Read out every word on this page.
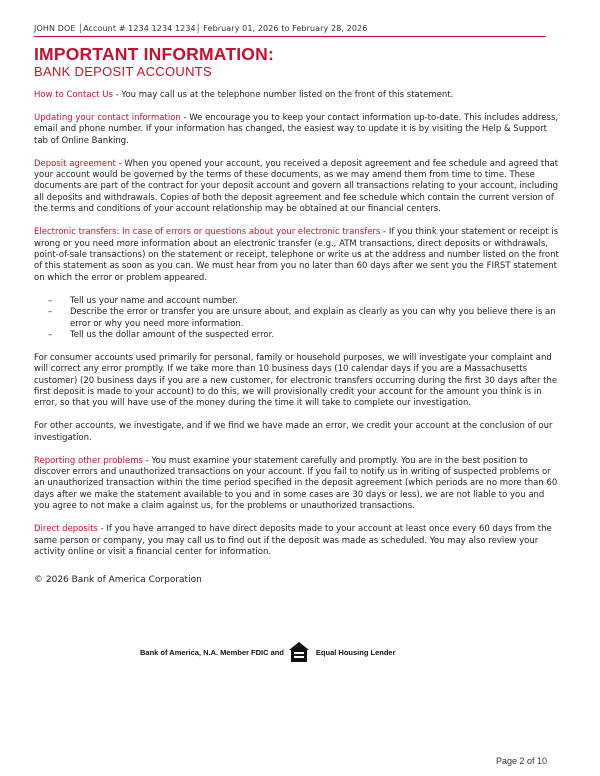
JOHN DOE │Account # 1234 1234 1234│ February 01, 2026 to February 28, 2026
IMPORTANT INFORMATION:
BANK DEPOSIT ACCOUNTS

How to Contact Us - You may call us at the telephone number listed on the front of this statement.

Updating your contact information - We encourage you to keep your contact information up-to-date. This includes address, email and phone number. If your information has changed, the easiest way to update it is by visiting the Help & Support tab of Online Banking.

Deposit agreement - When you opened your account, you received a deposit agreement and fee schedule and agreed that your account would be governed by the terms of these documents, as we may amend them from time to time. These documents are part of the contract for your deposit account and govern all transactions relating to your account, including all deposits and withdrawals. Copies of both the deposit agreement and fee schedule which contain the current version of the terms and conditions of your account relationship may be obtained at our financial centers.

Electronic transfers: In case of errors or questions about your electronic transfers - If you think your statement or receipt is wrong or you need more information about an electronic transfer (e.g., ATM transactions, direct deposits or withdrawals, point-of-sale transactions) on the statement or receipt, telephone or write us at the address and number listed on the front of this statement as soon as you can. We must hear from you no later than 60 days after we sent you the FIRST statement on which the error or problem appeared.

– Tell us your name and account number.
– Describe the error or transfer you are unsure about, and explain as clearly as you can why you believe there is an error or why you need more information.
– Tell us the dollar amount of the suspected error.

For consumer accounts used primarily for personal, family or household purposes, we will investigate your complaint and will correct any error promptly. If we take more than 10 business days (10 calendar days if you are a Massachusetts customer) (20 business days if you are a new customer, for electronic transfers occurring during the first 30 days after the first deposit is made to your account) to do this, we will provisionally credit your account for the amount you think is in error, so that you will have use of the money during the time it will take to complete our investigation.

For other accounts, we investigate, and if we find we have made an error, we credit your account at the conclusion of our investigation.

Reporting other problems - You must examine your statement carefully and promptly. You are in the best position to discover errors and unauthorized transactions on your account. If you fail to notify us in writing of suspected problems or an unauthorized transaction within the time period specified in the deposit agreement (which periods are no more than 60 days after we make the statement available to you and in some cases are 30 days or less), we are not liable to you and you agree to not make a claim against us, for the problems or unauthorized transactions.

Direct deposits - If you have arranged to have direct deposits made to your account at least once every 60 days from the same person or company, you may call us to find out if the deposit was made as scheduled. You may also review your activity online or visit a financial center for information.

© 2026 Bank of America Corporation
Bank of America, N.A. Member FDIC and	Equal Housing Lender
Page 2 of 10
